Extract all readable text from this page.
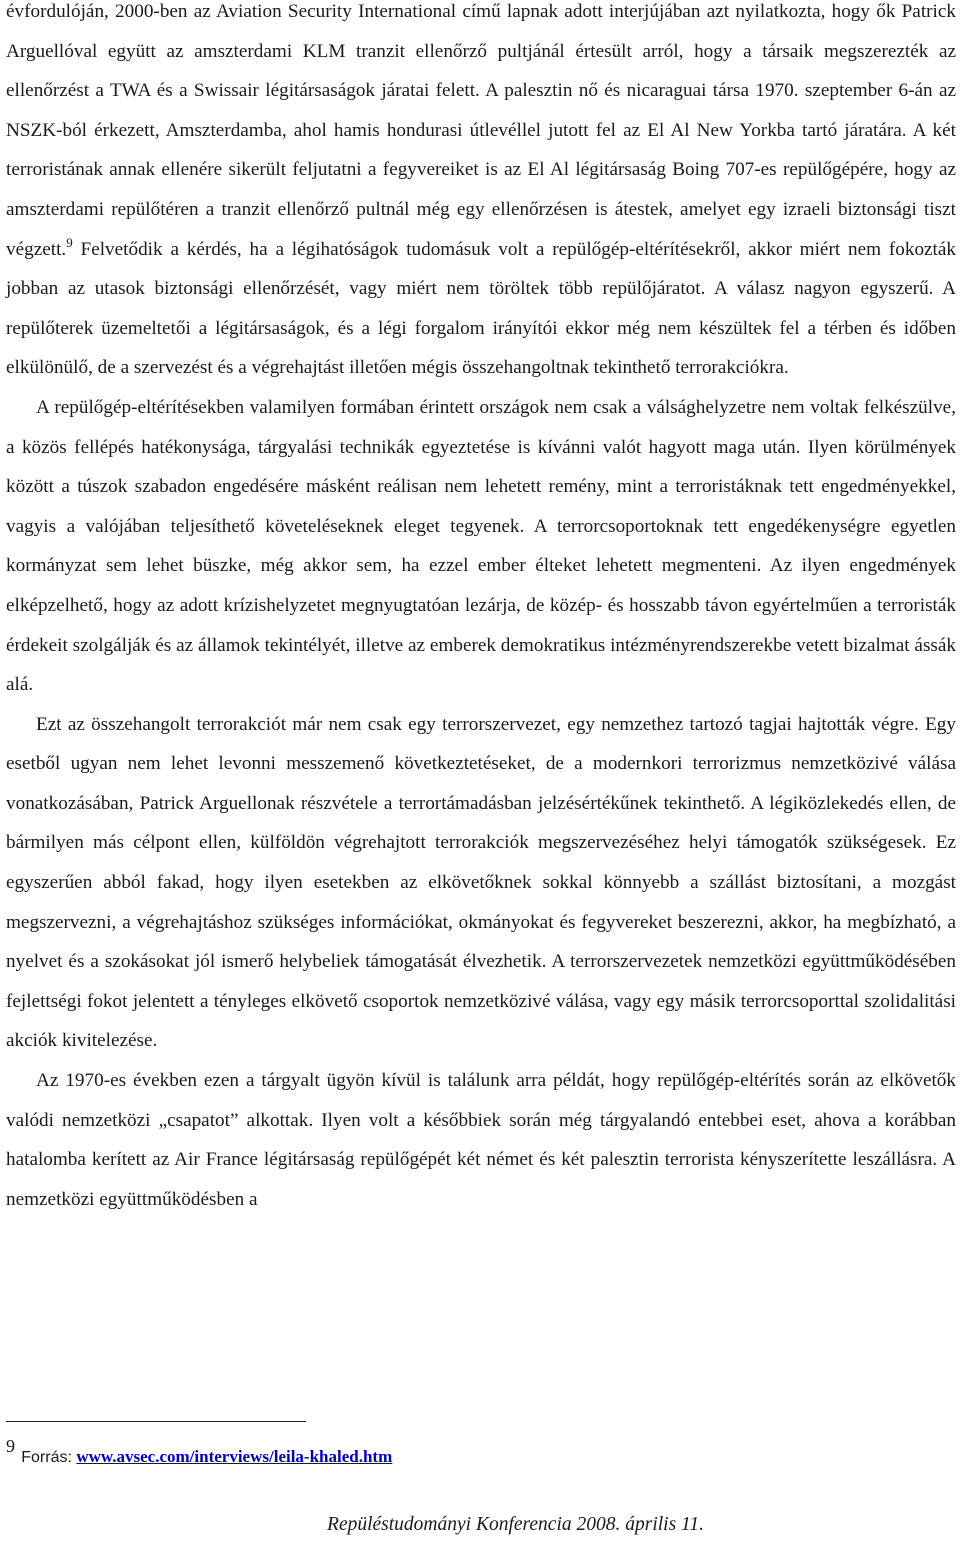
évfordulóján, 2000-ben az Aviation Security International című lapnak adott interjújában azt nyilatkozta, hogy ők Patrick Arguellóval együtt az amszterdami KLM tranzit ellenőrző pultjánál értesült arról, hogy a társaik megszerezték az ellenőrzést a TWA és a Swissair légitársaságok járatai felett. A palesztin nő és nicaraguai társa 1970. szeptember 6-án az NSZK-ból érkezett, Amszterdamba, ahol hamis hondurasi útlevéllel jutott fel az El Al New Yorkba tartó járatára. A két terroristának annak ellenére sikerült feljutatni a fegyvereiket is az El Al légitársaság Boing 707-es repülőgépére, hogy az amszterdami repülőtéren a tranzit ellenőrző pultnál még egy ellenőrzésen is átestek, amelyet egy izraeli biztonsági tiszt végzett.$^9$ Felvetődik a kérdés, ha a légihatóságok tudomásuk volt a repülőgép-eltérítésekről, akkor miért nem fokozták jobban az utasok biztonsági ellenőrzését, vagy miért nem töröltek több repülőjáratot. A válasz nagyon egyszerű. A repülőterek üzemeltetői a légitársaságok, és a légi forgalom irányítói ekkor még nem készültek fel a térben és időben elkülönülő, de a szervezést és a végrehajtást illetően mégis összehangoltnak tekinthető terrorakciókra.

A repülőgép-eltérítésekben valamilyen formában érintett országok nem csak a válsághelyzetre nem voltak felkészülve, a közös fellépés hatékonysága, tárgyalási technikák egyeztetése is kívánni valót hagyott maga után. Ilyen körülmények között a túszok szabadon engedésére másként reálisan nem lehetett remény, mint a terroristáknak tett engedményekkel, vagyis a valójában teljesíthető követeléseknek eleget tegyenek. A terrorcsoportoknak tett engedékenységre egyetlen kormányzat sem lehet büszke, még akkor sem, ha ezzel ember élteket lehetett megmenteni. Az ilyen engedmények elképzelhető, hogy az adott krízishelyzetet megnyugtatóan lezárja, de közép- és hosszabb távon egyértelműen a terroristák érdekeit szolgálják és az államok tekintélyét, illetve az emberek demokratikus intézményrendszerekbe vetett bizalmat ássák alá.

Ezt az összehangolt terrorakciót már nem csak egy terrorszervezet, egy nemzethez tartozó tagjai hajtották végre. Egy esetből ugyan nem lehet levonni messzemenő következtetéseket, de a modernkori terrorizmus nemzetközivé válása vonatkozásában, Patrick Arguellonak részvétele a terrortámadásban jelzésértékűnek tekinthető. A légiközlekedés ellen, de bármilyen más célpont ellen, külföldön végrehajtott terrorakciók megszervezéséhez helyi támogatók szükségesek. Ez egyszerűen abból fakad, hogy ilyen esetekben az elkövetőknek sokkal könnyebb a szállást biztosítani, a mozgást megszervezni, a végrehajtáshoz szükséges információkat, okmányokat és fegyvereket beszerezni, akkor, ha megbízható, a nyelvet és a szokásokat jól ismerő helybeliek támogatását élvezhetik. A terrorszervezetek nemzetközi együttműködésében fejlettségi fokot jelentett a tényleges elkövető csoportok nemzetközivé válása, vagy egy másik terrorcsoporttal szolidalitási akciók kivitelezése.

Az 1970-es években ezen a tárgyalt ügyön kívül is találunk arra példát, hogy repülőgép-eltérítés során az elkövetők valódi nemzetközi „csapatot” alkottak. Ilyen volt a későbbiek során még tárgyalandó entebbei eset, ahova a korábban hatalomba kerített az Air France légitársaság repülőgépét két német és két palesztin terrorista kényszerítette leszállásra. A nemzetközi együttműködésben a

9 Forrás: www.avsec.com/interviews/leila-khaled.htm
Repüléstudományi Konferencia 2008. április 11.
